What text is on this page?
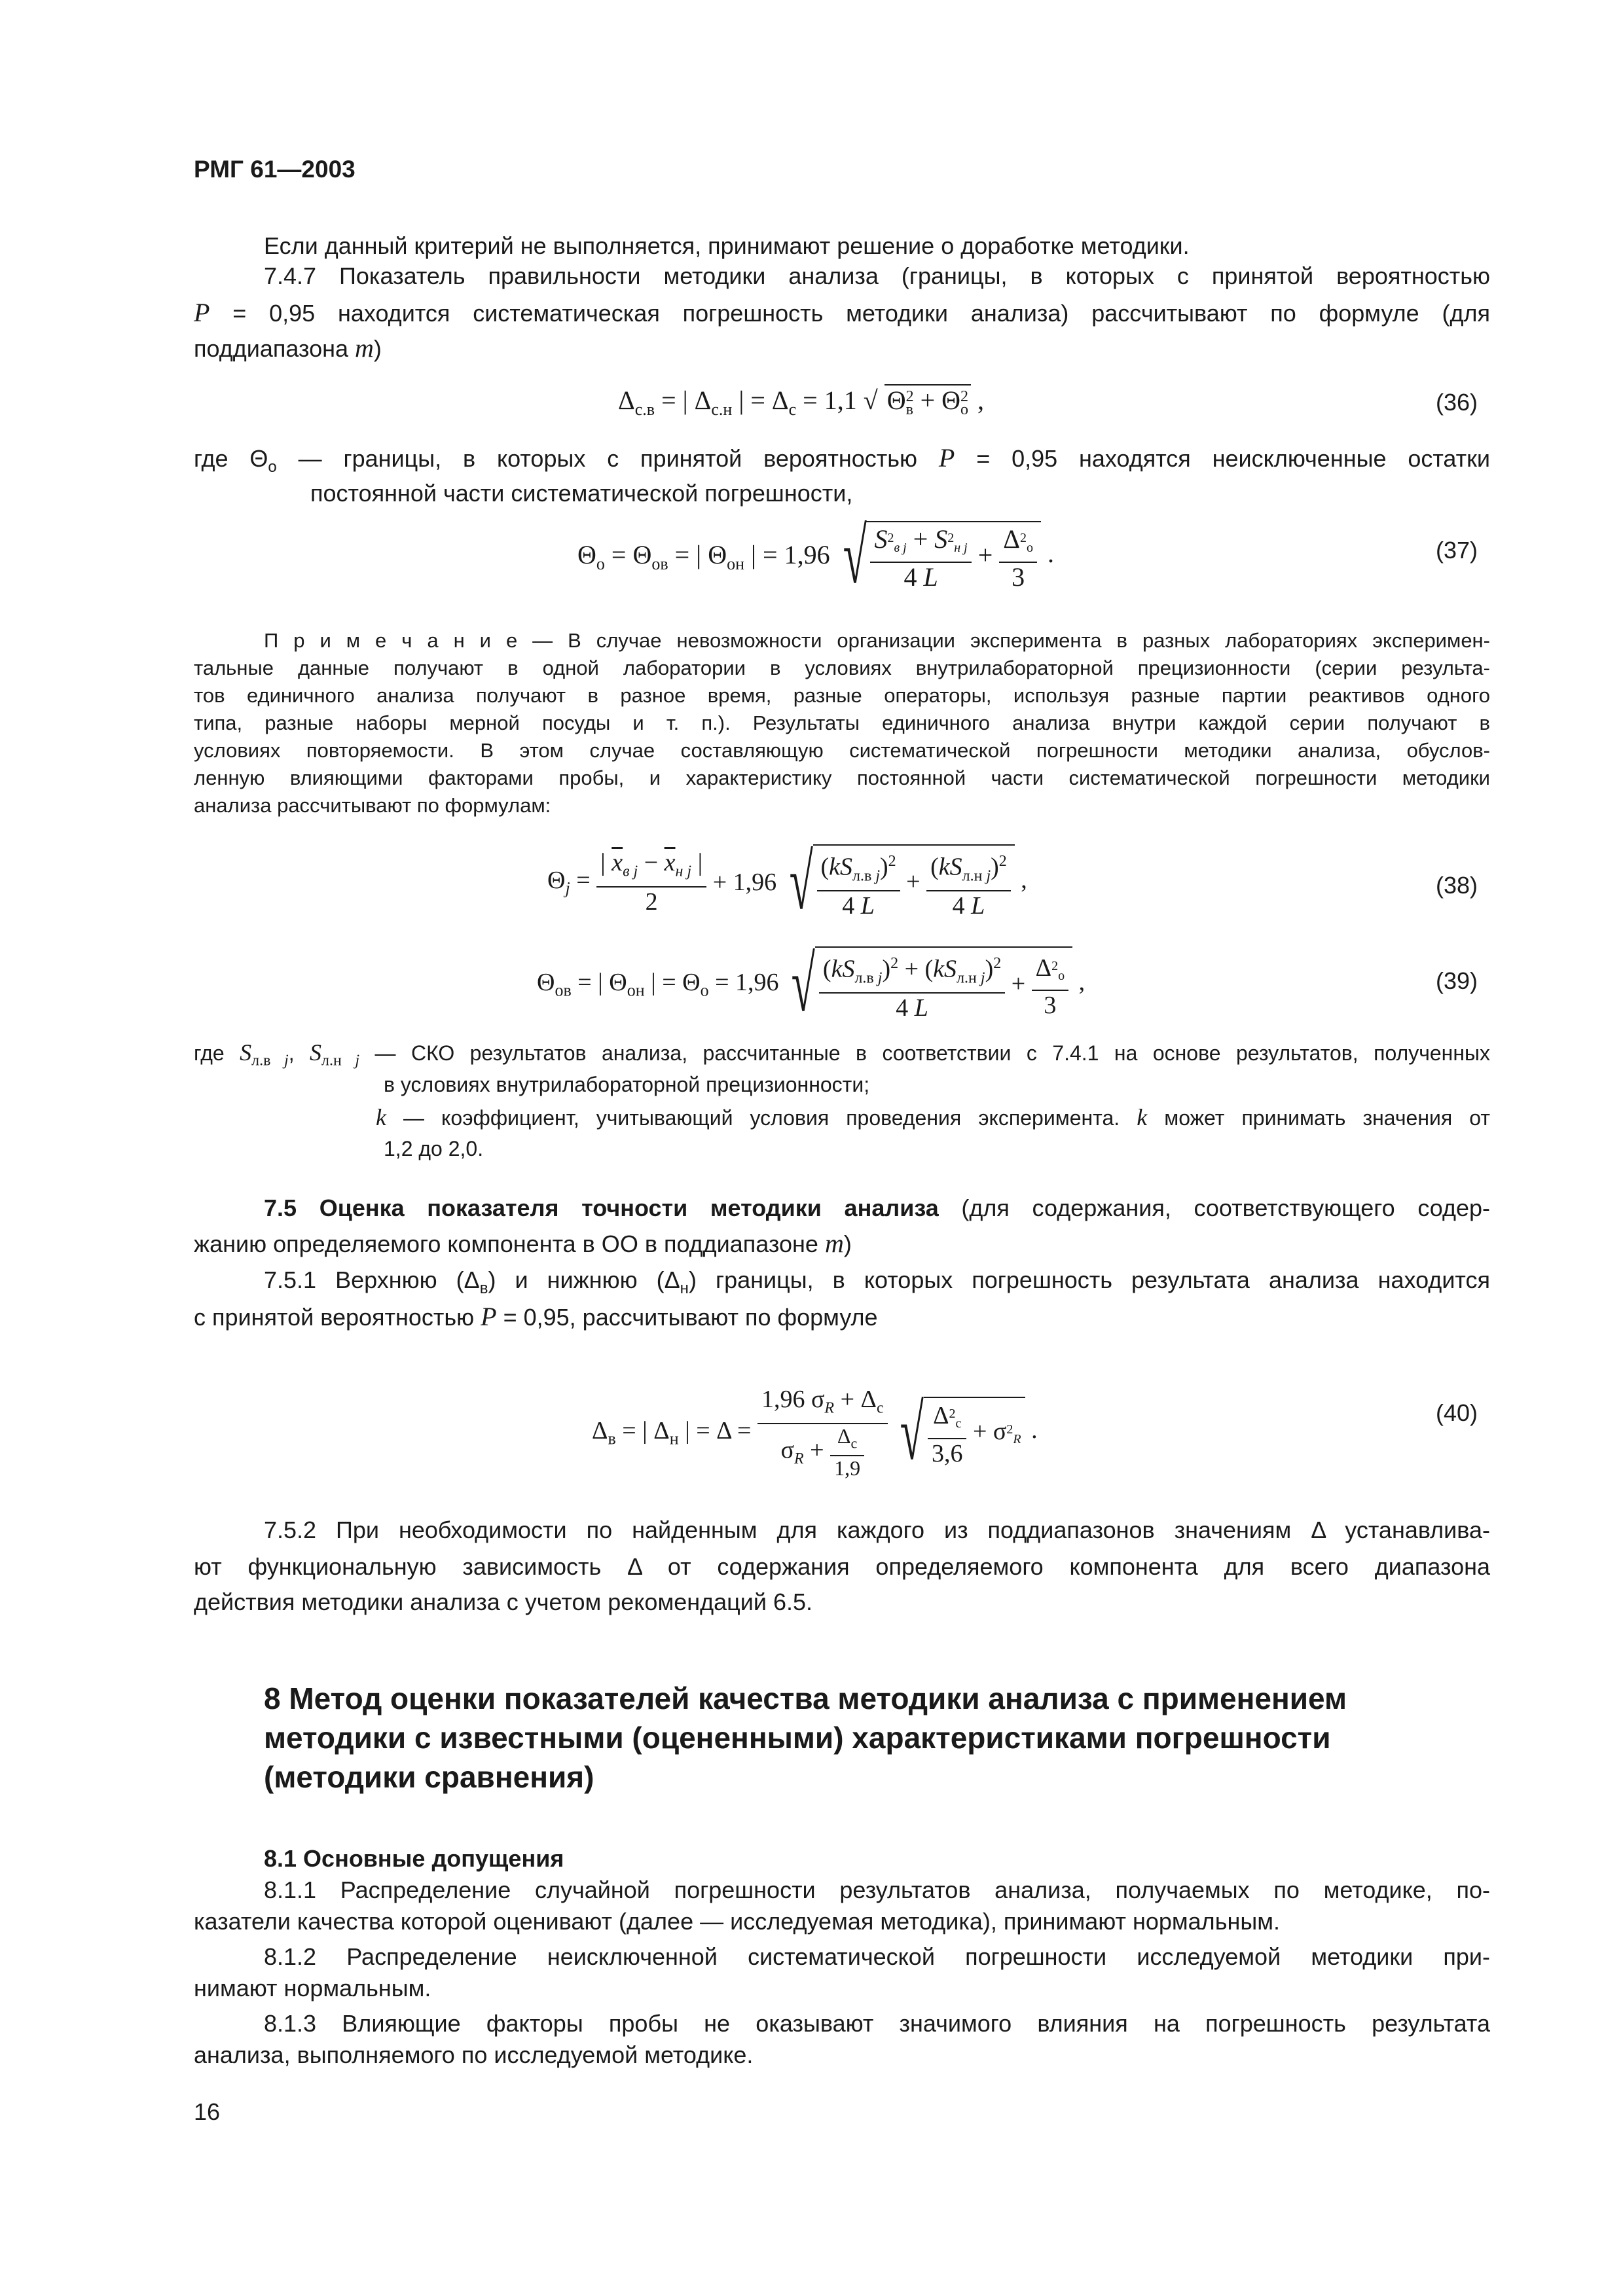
РМГ 61—2003
Если данный критерий не выполняется, принимают решение о доработке методики.
7.4.7 Показатель правильности методики анализа (границы, в которых с принятой вероятностью
P = 0,95 находится систематическая погрешность методики анализа) рассчитывают по формуле (для
поддиапазона m)
$\Delta_{с.в}$ = | $\Delta_{с.н}$ | = $\Delta_с = 1,1$ √ Θ 2
в + Θ 2
о ,	(36)
где $\Theta_о$ — границы, в которых с принятой вероятностью P = 0,95 находятся неисключенные остатки
постоянной части систематической погрешности,
$\Theta_о = \Theta_{ов}$ = | $\Theta_{он}$ | = 1,96 √ $\frac{S^2_{в j} + S^2_{н j}}{4 L} + \frac{\Delta^2_о}{3}$ .	(37)
П р и м е ч а н и е — В случае невозможности организации эксперимента в разных лабораториях эксперимен-
тальные данные получают в одной лаборатории в условиях внутрилабораторной прецизионности (серии результа-
тов единичного анализа получают в разное время, разные операторы, используя разные партии реактивов одного
типа, разные наборы мерной посуды и т. п.). Результаты единичного анализа внутри каждой серии получают в
условиях повторяемости. В этом случае составляющую систематической погрешности методики анализа, обуслов-
ленную влияющими факторами пробы, и характеристику постоянной части систематической погрешности методики
анализа рассчитывают по формулам:
$\Theta_j = \frac{| \overline{x}_{в j} - \overline{x}_{н j} |}{2} + 1,96$ √ $\frac{(kS_{л.в j})^2}{4 L} + \frac{(kS_{л.н j})^2}{4 L}$ ,	(38)
$\Theta_{ов}$ = | $\Theta_{он}$ | = $\Theta_о = 1,96$ √ $\frac{(kS_{л.в j})^2 + (kS_{л.н j})^2}{4 L} + \frac{\Delta^2_о}{3}$ ,	(39)
где $S_{л.в j}$, $S_{л.н j}$ — СКО результатов анализа, рассчитанные в соответствии с 7.4.1 на основе результатов, полученных
в условиях внутрилабораторной прецизионности;
k — коэффициент, учитывающий условия проведения эксперимента. k может принимать значения от
1,2 до 2,0.
7.5 Оценка показателя точности методики анализа (для содержания, соответствующего содер-
жанию определяемого компонента в ОО в поддиапазоне m)
7.5.1 Верхнюю $(\Delta_в)$ и нижнюю $(\Delta_н)$ границы, в которых погрешность результата анализа находится
с принятой вероятностью P = 0,95, рассчитывают по формуле
$\Delta_в$ = | $\Delta_н$ | = $\Delta = \frac{1,96 \sigma_R + \Delta_с}{\sigma_R + \frac{\Delta_с}{1,9}}$ √ $\frac{\Delta^2_с}{3,6} + \sigma^2_R$ .
(40)
7.5.2 При необходимости по найденным для каждого из поддиапазонов значениям Δ устанавлива-
ют функциональную зависимость Δ от содержания определяемого компонента для всего диапазона
действия методики анализа с учетом рекомендаций 6.5.
8 Метод оценки показателей качества методики анализа с применением
методики с известными (оцененными) характеристиками погрешности
(методики сравнения)
8.1 Основные допущения
8.1.1 Распределение случайной погрешности результатов анализа, получаемых по методике, по-
казатели качества которой оценивают (далее — исследуемая методика), принимают нормальным.
8.1.2 Распределение неисключенной систематической погрешности исследуемой методики при-
нимают нормальным.
8.1.3 Влияющие факторы пробы не оказывают значимого влияния на погрешность результата
анализа, выполняемого по исследуемой методике.
16
